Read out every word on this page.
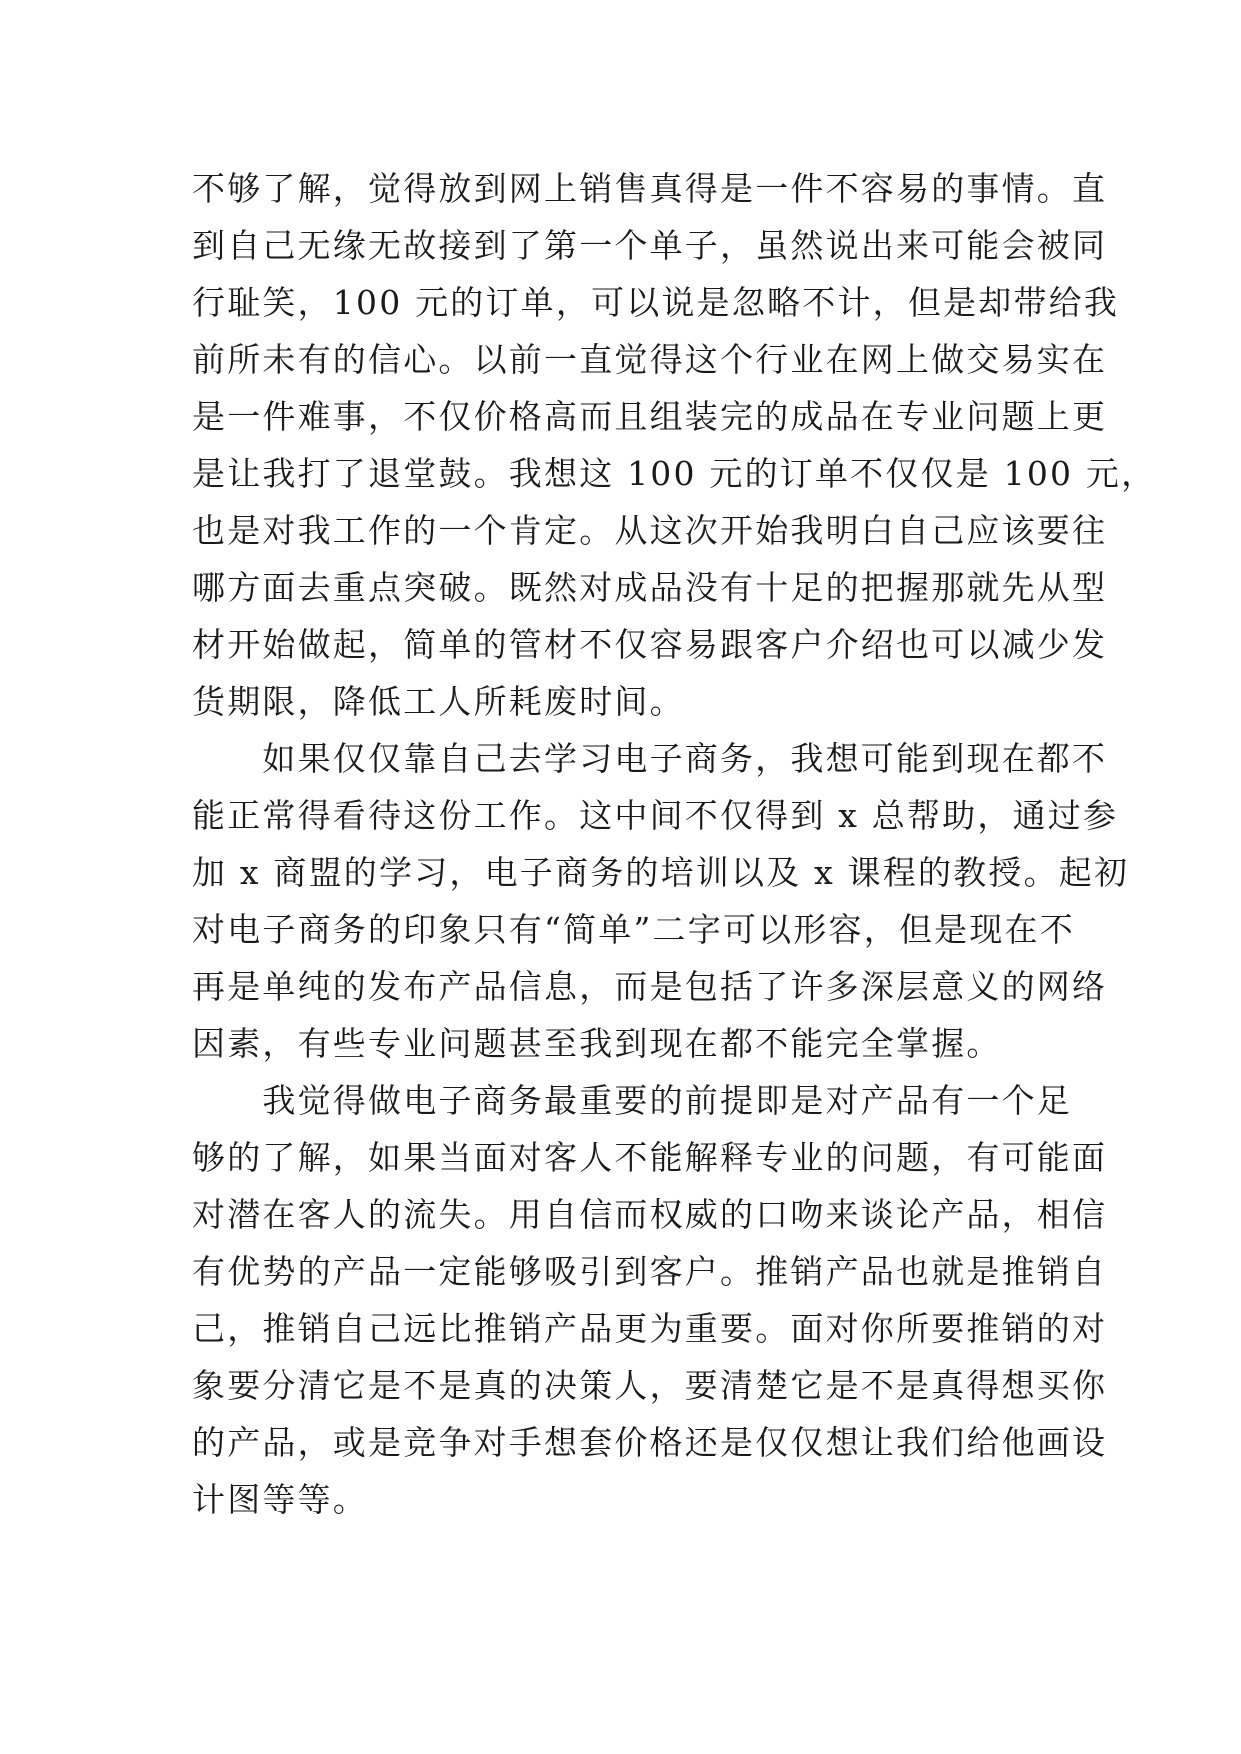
不够了解，觉得放到网上销售真得是一件不容易的事情。直
到自己无缘无故接到了第一个单子，虽然说出来可能会被同
行耻笑，100 元的订单，可以说是忽略不计，但是却带给我
前所未有的信心。以前一直觉得这个行业在网上做交易实在
是一件难事，不仅价格高而且组装完的成品在专业问题上更
是让我打了退堂鼓。我想这 100 元的订单不仅仅是 100 元，
也是对我工作的一个肯定。从这次开始我明白自己应该要往
哪方面去重点突破。既然对成品没有十足的把握那就先从型
材开始做起，简单的管材不仅容易跟客户介绍也可以减少发
货期限，降低工人所耗废时间。
　　如果仅仅靠自己去学习电子商务，我想可能到现在都不
能正常得看待这份工作。这中间不仅得到 x 总帮助，通过参
加 x 商盟的学习，电子商务的培训以及 x 课程的教授。起初
对电子商务的印象只有“简单”二字可以形容，但是现在不
再是单纯的发布产品信息，而是包括了许多深层意义的网络
因素，有些专业问题甚至我到现在都不能完全掌握。
　　我觉得做电子商务最重要的前提即是对产品有一个足
够的了解，如果当面对客人不能解释专业的问题，有可能面
对潜在客人的流失。用自信而权威的口吻来谈论产品，相信
有优势的产品一定能够吸引到客户。推销产品也就是推销自
己，推销自己远比推销产品更为重要。面对你所要推销的对
象要分清它是不是真的决策人，要清楚它是不是真得想买你
的产品，或是竞争对手想套价格还是仅仅想让我们给他画设
计图等等。
